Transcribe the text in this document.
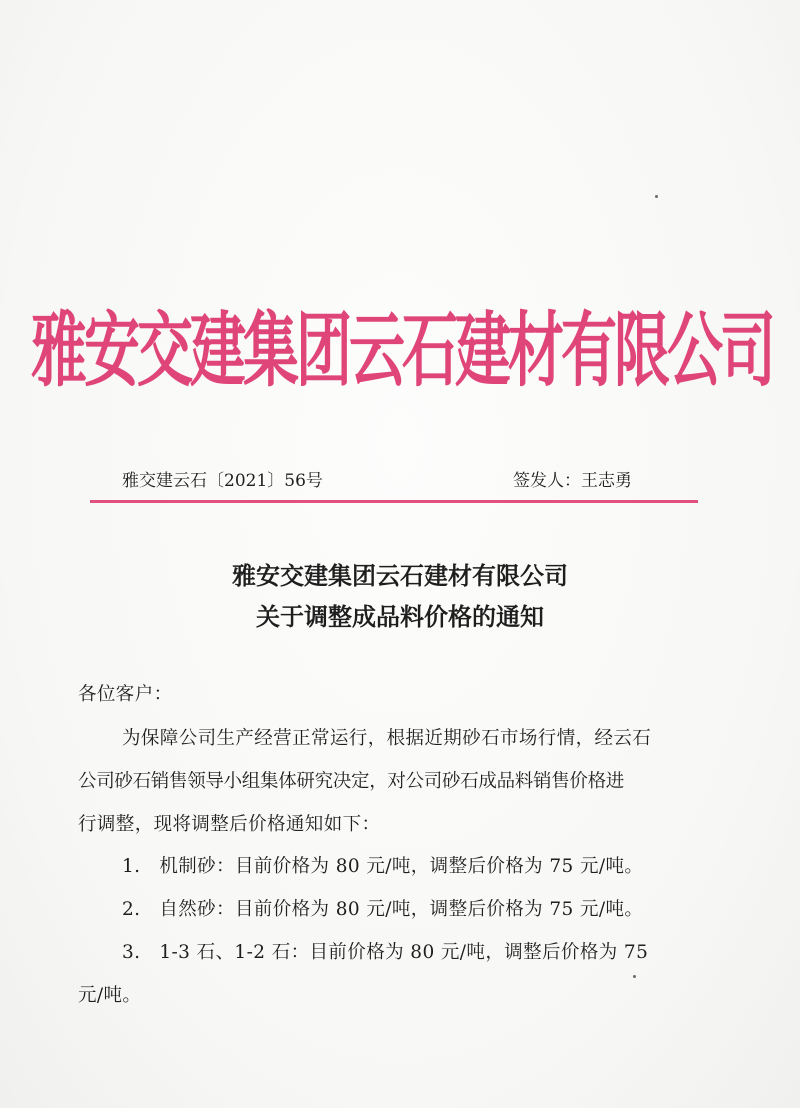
雅安交建集团云石建材有限公司
雅交建云石〔2021〕56号	签发人：王志勇
雅安交建集团云石建材有限公司
关于调整成品料价格的通知
各位客户：
为保障公司生产经营正常运行，根据近期砂石市场行情，经云石
公司砂石销售领导小组集体研究决定，对公司砂石成品料销售价格进
行调整，现将调整后价格通知如下：
1.　机制砂：目前价格为 80 元/吨，调整后价格为 75 元/吨。
2.　自然砂：目前价格为 80 元/吨，调整后价格为 75 元/吨。
3.　1-3 石、1-2 石：目前价格为 80 元/吨，调整后价格为 75
元/吨。
